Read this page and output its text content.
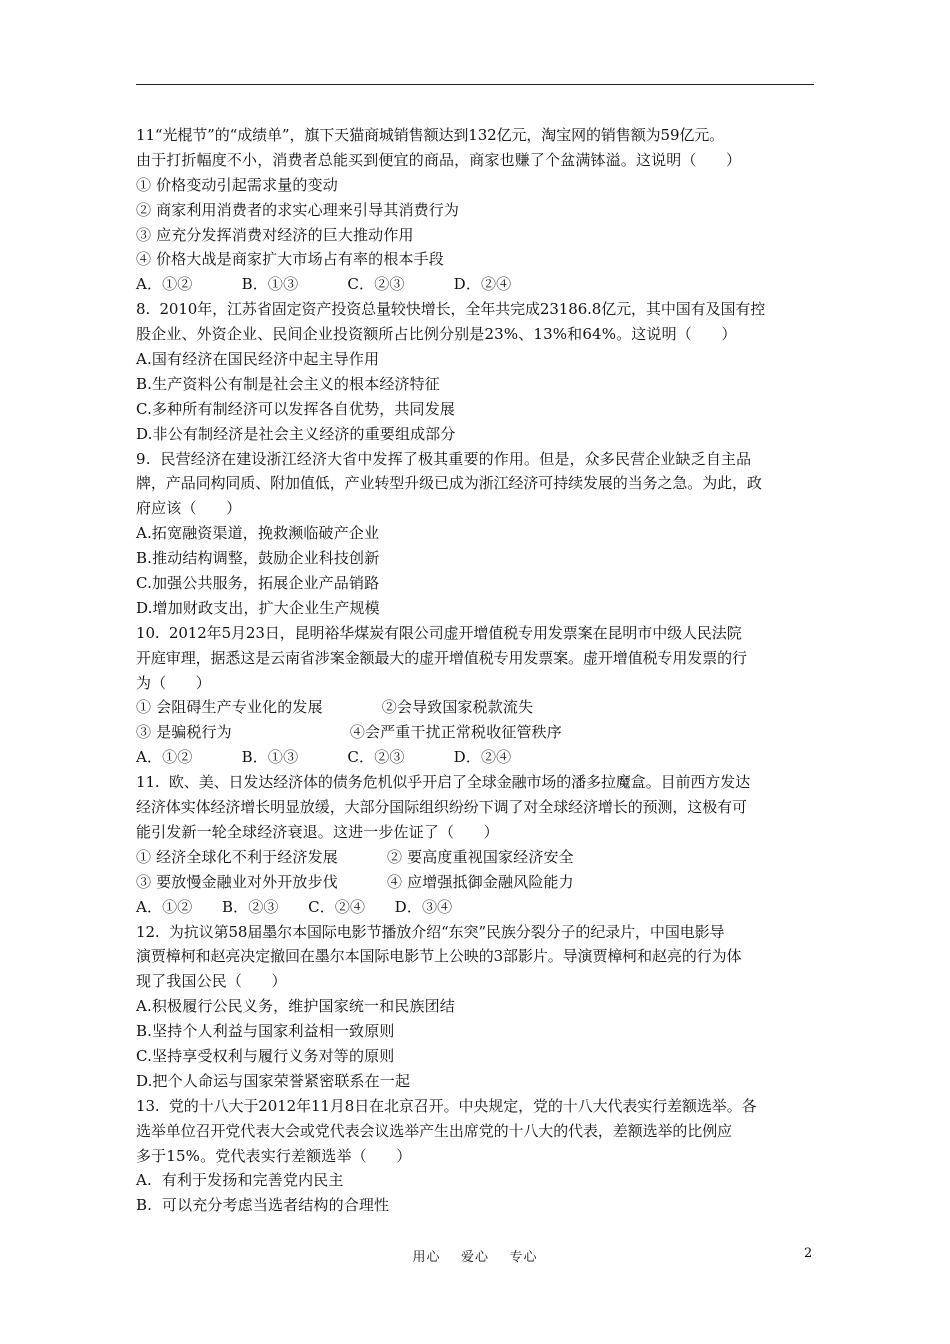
11“光棍节”的“成绩单”，旗下天猫商城销售额达到132亿元，淘宝网的销售额为59亿元。
由于打折幅度不小，消费者总能买到便宜的商品，商家也赚了个盆满钵溢。这说明（      ）
① 价格变动引起需求量的变动
② 商家利用消费者的求实心理来引导其消费行为
③ 应充分发挥消费对经济的巨大推动作用
④ 价格大战是商家扩大市场占有率的根本手段
A．①②          B．①③          C．②③          D．②④
8.  2010年，江苏省固定资产投资总量较快增长，全年共完成23186.8亿元，其中国有及国有控
股企业、外资企业、民间企业投资额所占比例分别是23%、13%和64%。这说明（      ）
A.国有经济在国民经济中起主导作用
B.生产资料公有制是社会主义的根本经济特征
C.多种所有制经济可以发挥各自优势，共同发展
D.非公有制经济是社会主义经济的重要组成部分
9.  民营经济在建设浙江经济大省中发挥了极其重要的作用。但是，众多民营企业缺乏自主品
牌，产品同构同质、附加值低，产业转型升级已成为浙江经济可持续发展的当务之急。为此，政
府应该（      ）
A.拓宽融资渠道，挽救濒临破产企业
B.推动结构调整，鼓励企业科技创新
C.加强公共服务，拓展企业产品销路
D.增加财政支出，扩大企业生产规模
10.  2012年5月23日，昆明裕华煤炭有限公司虚开增值税专用发票案在昆明市中级人民法院
开庭审理，据悉这是云南省涉案金额最大的虚开增值税专用发票案。虚开增值税专用发票的行
为（      ）
① 会阻碍生产专业化的发展            ②会导致国家税款流失
③ 是骗税行为                        ④会严重干扰正常税收征管秩序
A．①②          B．①③          C．②③          D．②④
11.  欧、美、日发达经济体的债务危机似乎开启了全球金融市场的潘多拉魔盒。目前西方发达
经济体实体经济增长明显放缓，大部分国际组织纷纷下调了对全球经济增长的预测，这极有可
能引发新一轮全球经济衰退。这进一步佐证了（      ）
① 经济全球化不利于经济发展          ② 要高度重视国家经济安全
③ 要放慢金融业对外开放步伐          ④ 应增强抵御金融风险能力
A．①②      B．②③      C．②④      D．③④
12.  为抗议第58届墨尔本国际电影节播放介绍“东突”民族分裂分子的纪录片，中国电影导
演贾樟柯和赵亮决定撤回在墨尔本国际电影节上公映的3部影片。导演贾樟柯和赵亮的行为体
现了我国公民（      ）
A.积极履行公民义务，维护国家统一和民族团结
B.坚持个人利益与国家利益相一致原则
C.坚持享受权利与履行义务对等的原则
D.把个人命运与国家荣誉紧密联系在一起
13.  党的十八大于2012年11月8日在北京召开。中央规定，党的十八大代表实行差额选举。各
选举单位召开党代表大会或党代表会议选举产生出席党的十八大的代表，差额选举的比例应
多于15%。党代表实行差额选举（      ）
A.  有利于发扬和完善党内民主
B.  可以充分考虑当选者结构的合理性
用心    爱心    专心	2
